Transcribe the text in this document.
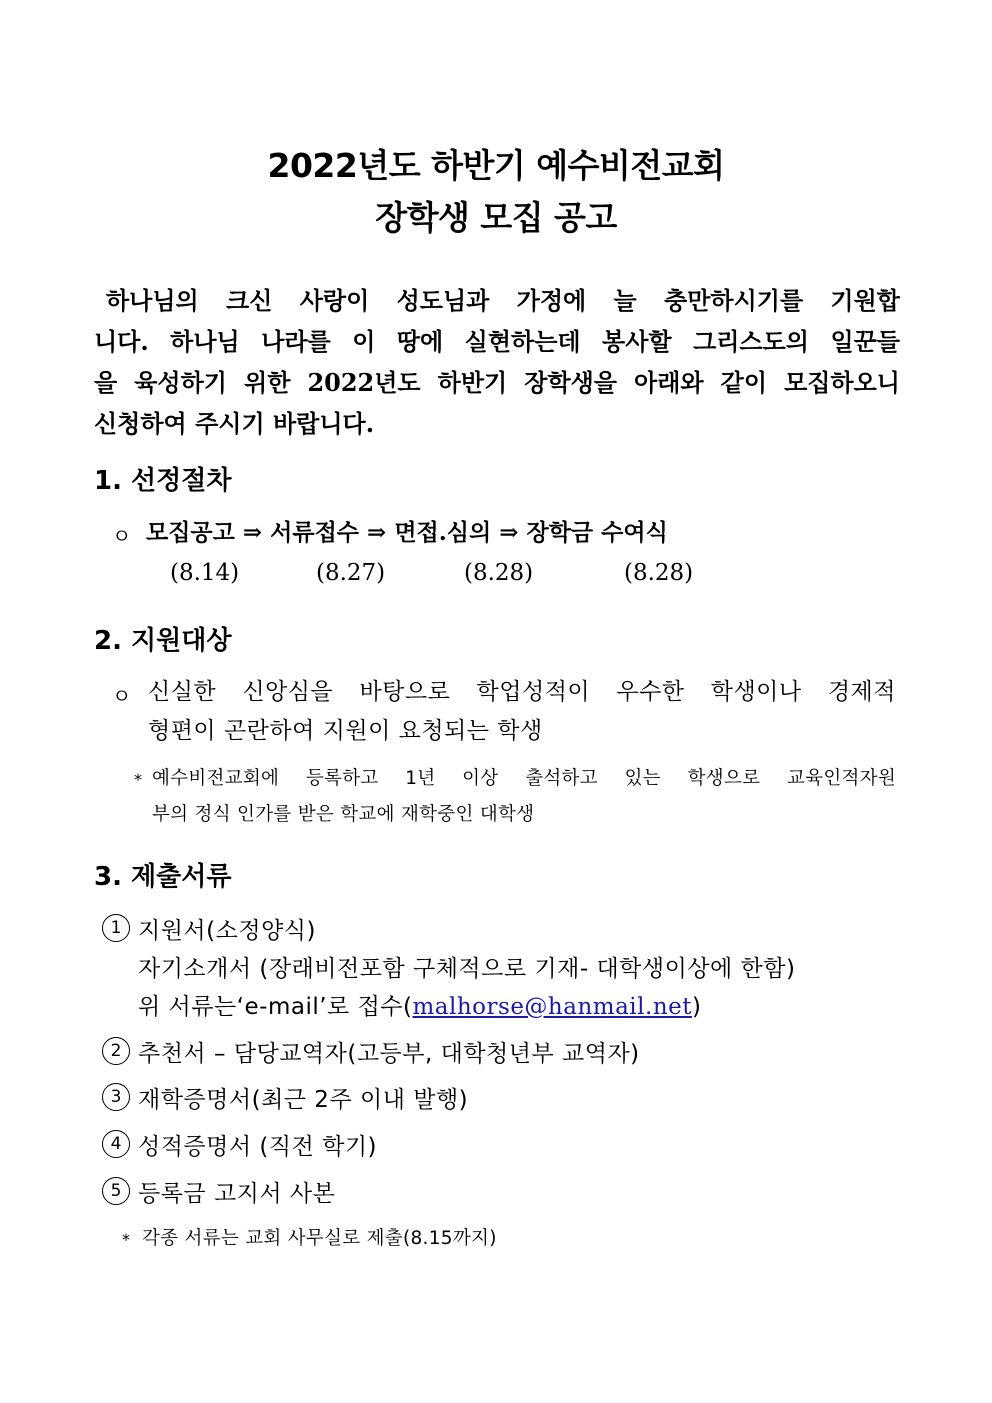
2022년도 하반기 예수비전교회
장학생 모집 공고
하나님의 크신 사랑이 성도님과 가정에 늘 충만하시기를 기원합
니다. 하나님 나라를 이 땅에 실현하는데 봉사할 그리스도의 일꾼들
을 육성하기 위한 2022년도 하반기 장학생을 아래와 같이 모집하오니
신청하여 주시기 바랍니다.
1. 선정절차
ㅇ 모집공고 ⇒ 서류접수 ⇒ 면접.심의 ⇒ 장학금 수여식
(8.14)	(8.27)	(8.28)	(8.28)
2. 지원대상
ㅇ 신실한 신앙심을 바탕으로 학업성적이 우수한 학생이나 경제적
형편이 곤란하여 지원이 요청되는 학생
* 예수비전교회에 등록하고 1년 이상 출석하고 있는 학생으로 교육인적자원
부의 정식 인가를 받은 학교에 재학중인 대학생
3. 제출서류
1 지원서(소정양식)
자기소개서 (장래비전포함 구체적으로 기재- 대학생이상에 한함)
위 서류는‘e-mail’로 접수(malhorse@hanmail.net)
2 추천서 – 담당교역자(고등부, 대학청년부 교역자)
3 재학증명서(최근 2주 이내 발행)
4 성적증명서 (직전 학기)
5 등록금 고지서 사본
* 각종 서류는 교회 사무실로 제출(8.15까지)
